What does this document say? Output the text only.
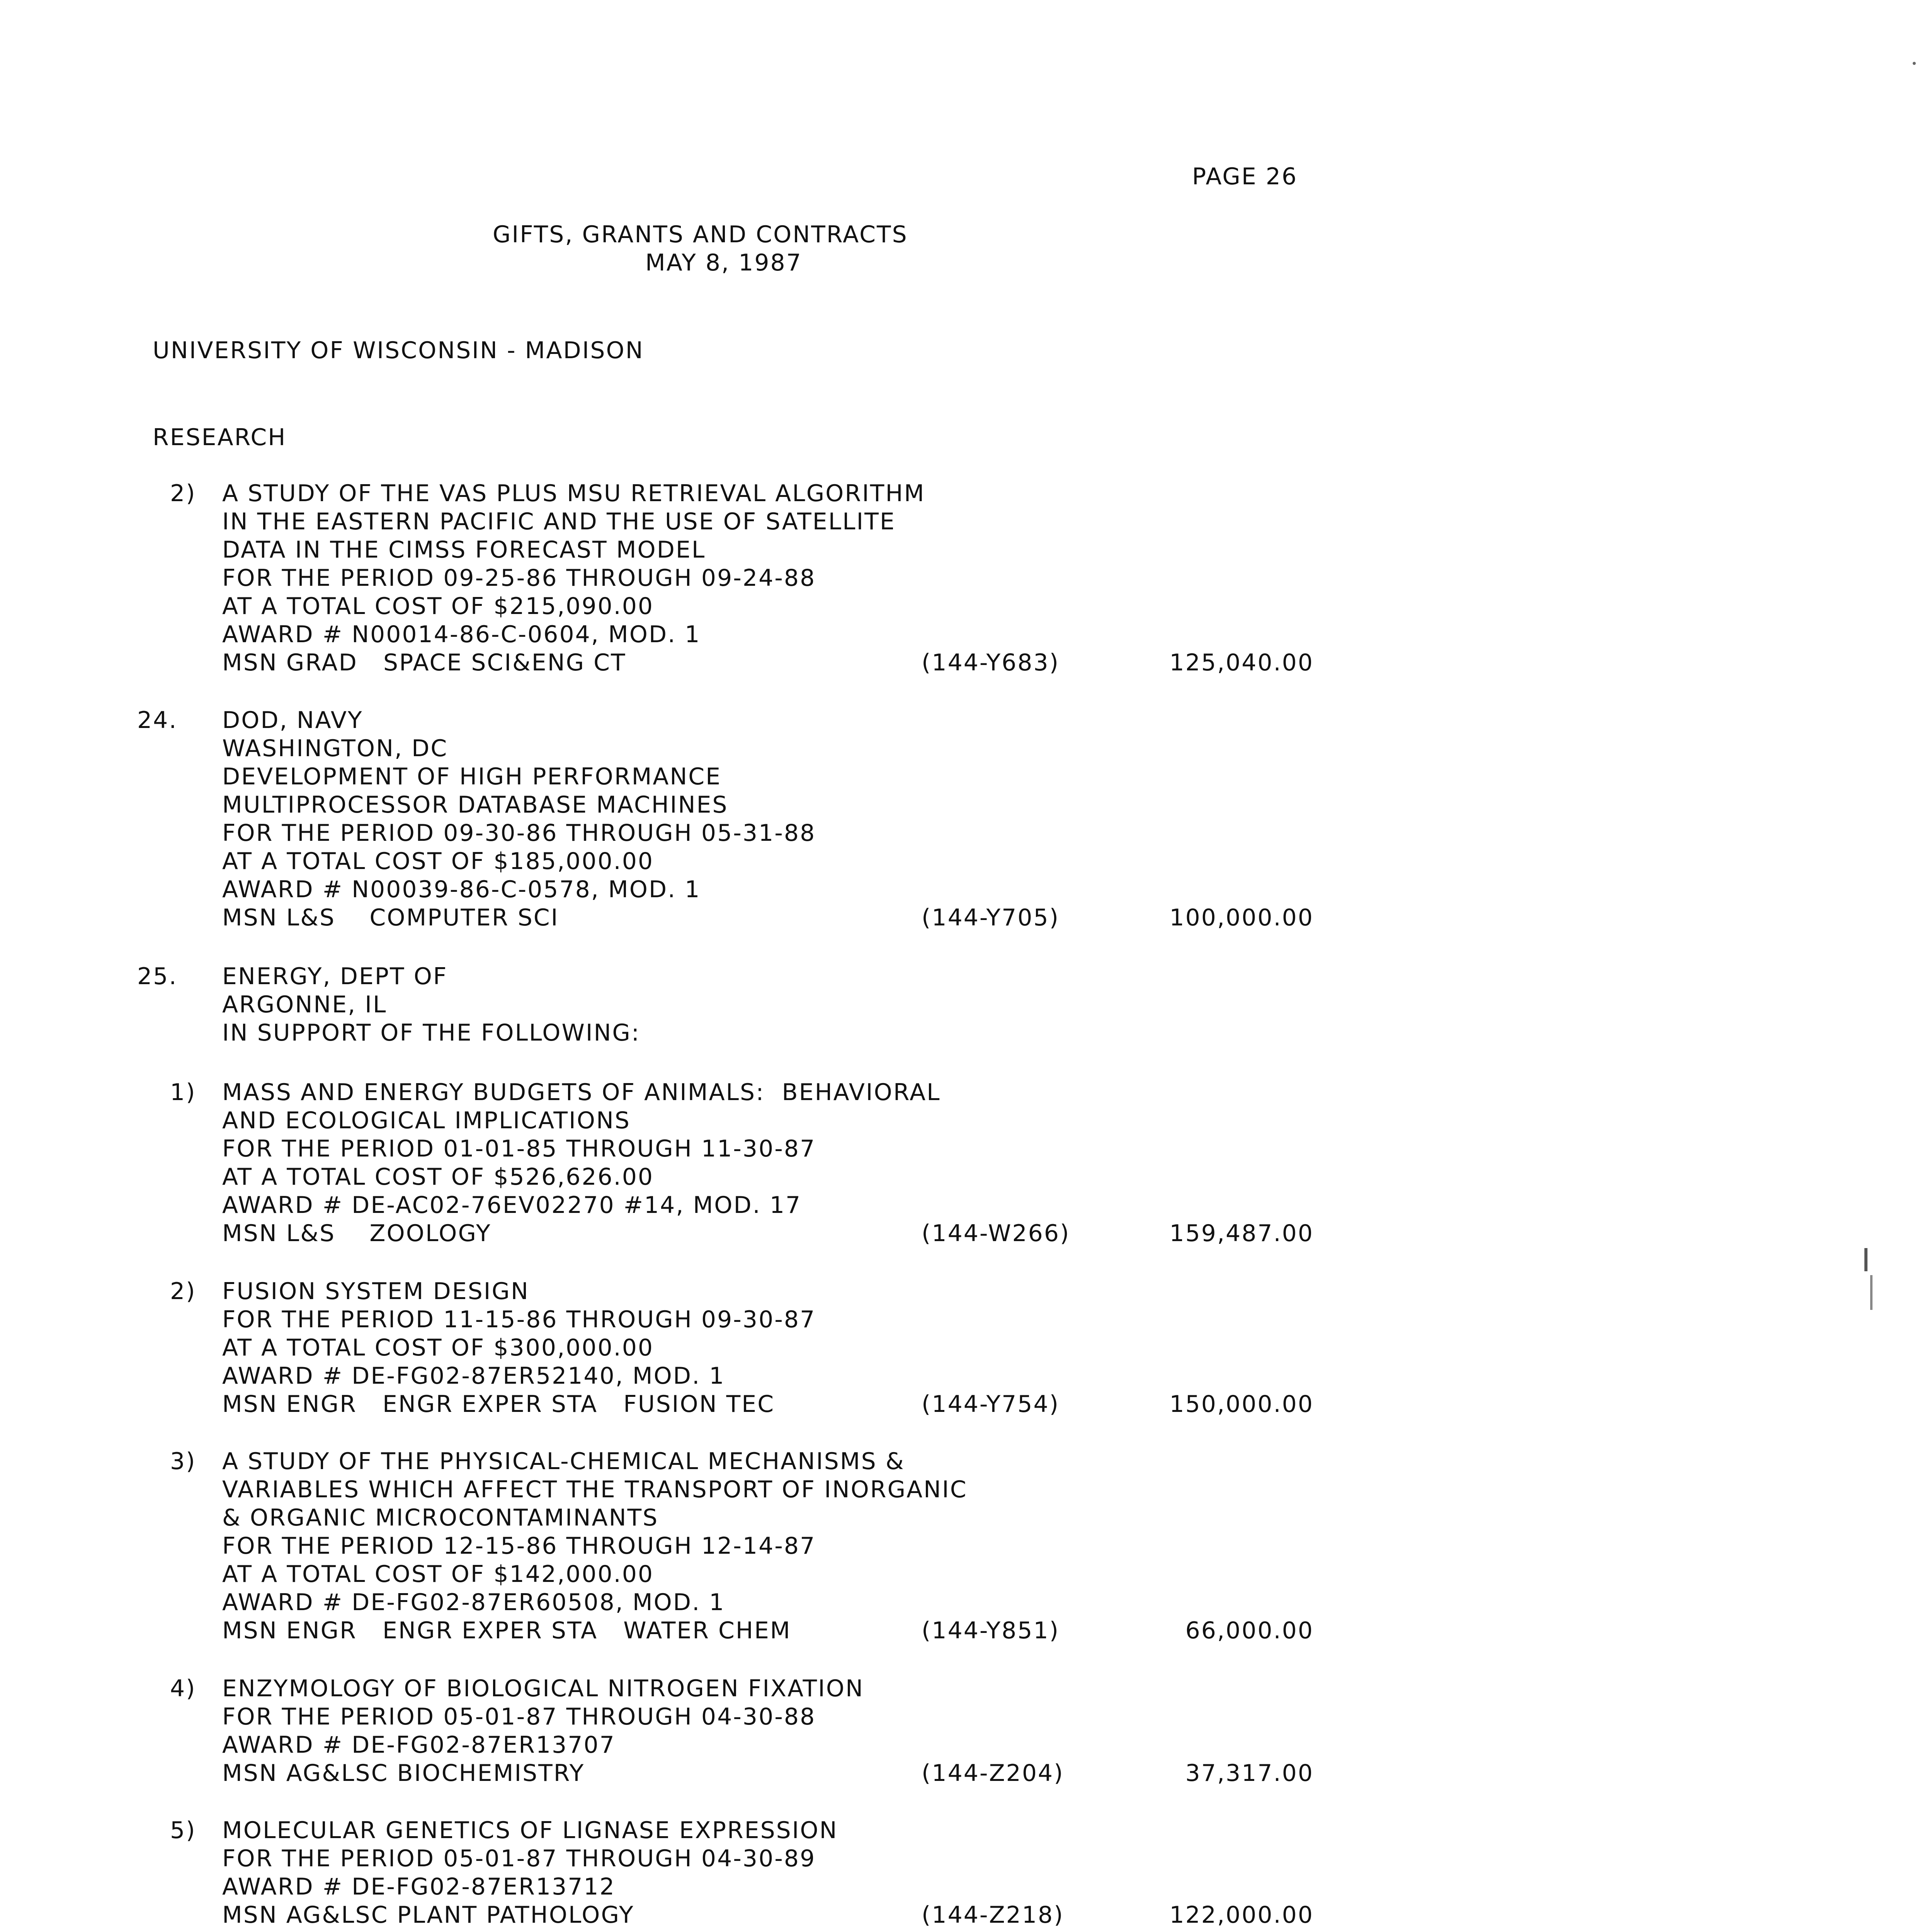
PAGE 26
GIFTS, GRANTS AND CONTRACTS
MAY 8, 1987
UNIVERSITY OF WISCONSIN - MADISON
RESEARCH
2) A STUDY OF THE VAS PLUS MSU RETRIEVAL ALGORITHM
IN THE EASTERN PACIFIC AND THE USE OF SATELLITE
DATA IN THE CIMSS FORECAST MODEL
FOR THE PERIOD 09-25-86 THROUGH 09-24-88
AT A TOTAL COST OF $215,090.00
AWARD # N00014-86-C-0604, MOD. 1
MSN GRAD   SPACE SCI&ENG CT	(144-Y683)	125,040.00
24. DOD, NAVY
WASHINGTON, DC
DEVELOPMENT OF HIGH PERFORMANCE
MULTIPROCESSOR DATABASE MACHINES
FOR THE PERIOD 09-30-86 THROUGH 05-31-88
AT A TOTAL COST OF $185,000.00
AWARD # N00039-86-C-0578, MOD. 1
MSN L&S    COMPUTER SCI	(144-Y705)	100,000.00
25. ENERGY, DEPT OF
ARGONNE, IL
IN SUPPORT OF THE FOLLOWING:
1) MASS AND ENERGY BUDGETS OF ANIMALS:  BEHAVIORAL
AND ECOLOGICAL IMPLICATIONS
FOR THE PERIOD 01-01-85 THROUGH 11-30-87
AT A TOTAL COST OF $526,626.00
AWARD # DE-AC02-76EV02270 #14, MOD. 17
MSN L&S    ZOOLOGY	(144-W266)	159,487.00
2) FUSION SYSTEM DESIGN
FOR THE PERIOD 11-15-86 THROUGH 09-30-87
AT A TOTAL COST OF $300,000.00
AWARD # DE-FG02-87ER52140, MOD. 1
MSN ENGR   ENGR EXPER STA   FUSION TEC	(144-Y754)	150,000.00
3) A STUDY OF THE PHYSICAL-CHEMICAL MECHANISMS &
VARIABLES WHICH AFFECT THE TRANSPORT OF INORGANIC
& ORGANIC MICROCONTAMINANTS
FOR THE PERIOD 12-15-86 THROUGH 12-14-87
AT A TOTAL COST OF $142,000.00
AWARD # DE-FG02-87ER60508, MOD. 1
MSN ENGR   ENGR EXPER STA   WATER CHEM	(144-Y851)	66,000.00
4) ENZYMOLOGY OF BIOLOGICAL NITROGEN FIXATION
FOR THE PERIOD 05-01-87 THROUGH 04-30-88
AWARD # DE-FG02-87ER13707
MSN AG&LSC BIOCHEMISTRY	(144-Z204)	37,317.00
5) MOLECULAR GENETICS OF LIGNASE EXPRESSION
FOR THE PERIOD 05-01-87 THROUGH 04-30-89
AWARD # DE-FG02-87ER13712
MSN AG&LSC PLANT PATHOLOGY	(144-Z218)	122,000.00
